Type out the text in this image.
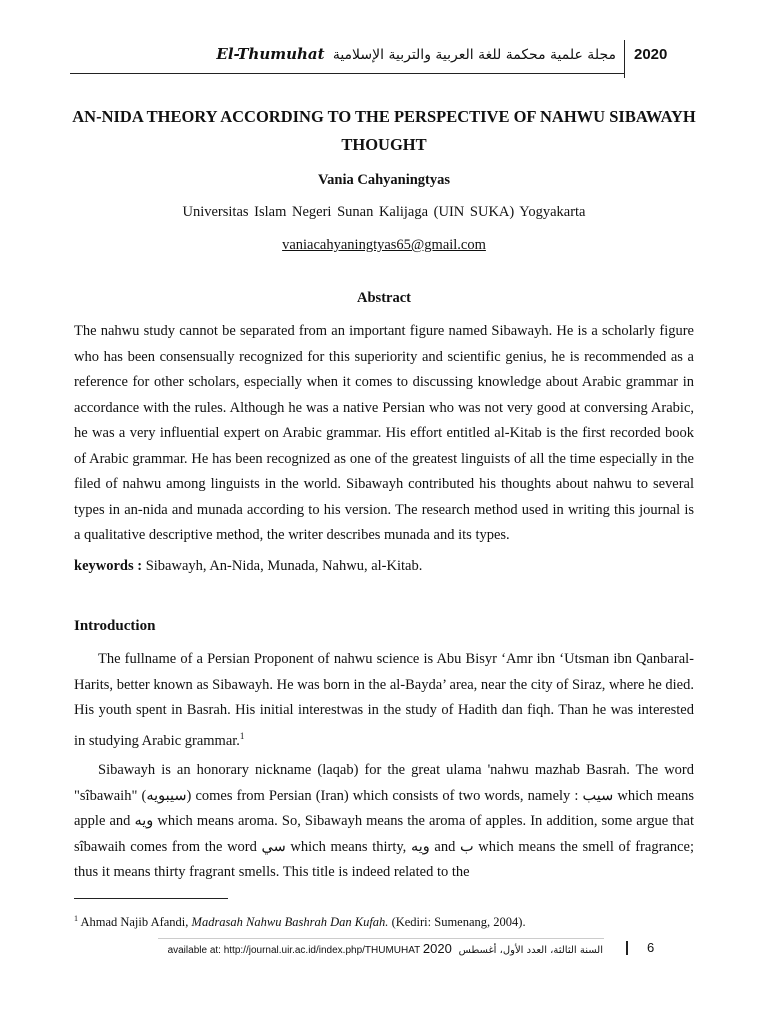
El-Thumuhat مجلة علمية محكمة للغة العربية والتربية الإسلامية 2020
AN-NIDA THEORY ACCORDING TO THE PERSPECTIVE OF NAHWU SIBAWAYH THOUGHT
Vania Cahyaningtyas
Universitas Islam Negeri Sunan Kalijaga (UIN SUKA) Yogyakarta
vaniacahyaningtyas65@gmail.com
Abstract

The nahwu study cannot be separated from an important figure named Sibawayh. He is a scholarly figure who has been consensually recognized for this superiority and scientific genius, he is recommended as a reference for other scholars, especially when it comes to discussing knowledge about Arabic grammar in accordance with the rules. Although he was a native Persian who was not very good at conversing Arabic, he was a very influential expert on Arabic grammar. His effort entitled al-Kitab is the first recorded book of Arabic grammar. He has been recognized as one of the greatest linguists of all the time especially in the filed of nahwu among linguists in the world. Sibawayh contributed his thoughts about nahwu to several types in an-nida and munada according to his version. The research method used in writing this journal is a qualitative descriptive method, the writer describes munada and its types.

keywords : Sibawayh, An-Nida, Munada, Nahwu, al-Kitab.

Introduction

The fullname of a Persian Proponent of nahwu science is Abu Bisyr ‘Amr ibn ‘Utsman ibn Qanbaral-Harits, better known as Sibawayh. He was born in the al-Bayda’ area, near the city of Siraz, where he died. His youth spent in Basrah. His initial interestwas in the study of Hadith dan fiqh. Than he was interested in studying Arabic grammar.$^1$

Sibawayh is an honorary nickname (laqab) for the great ulama 'nahwu mazhab Basrah. The word "sîbawaih" (سيبويه) comes from Persian (Iran) which consists of two words, namely : سيب which means apple and ويه which means aroma. So, Sibawayh means the aroma of apples. In addition, some argue that sîbawaih comes from the word سي which means thirty, ويه and ب which means the smell of fragrance; thus it means thirty fragrant smells. This title is indeed related to the

$^1$ Ahmad Najib Afandi, Madrasah Nahwu Bashrah Dan Kufah. (Kediri: Sumenang, 2004).
available at: http://journal.uir.ac.id/index.php/THUMUHAT 2020 السنة الثالثة، العدد الأول، أغسطس	6
